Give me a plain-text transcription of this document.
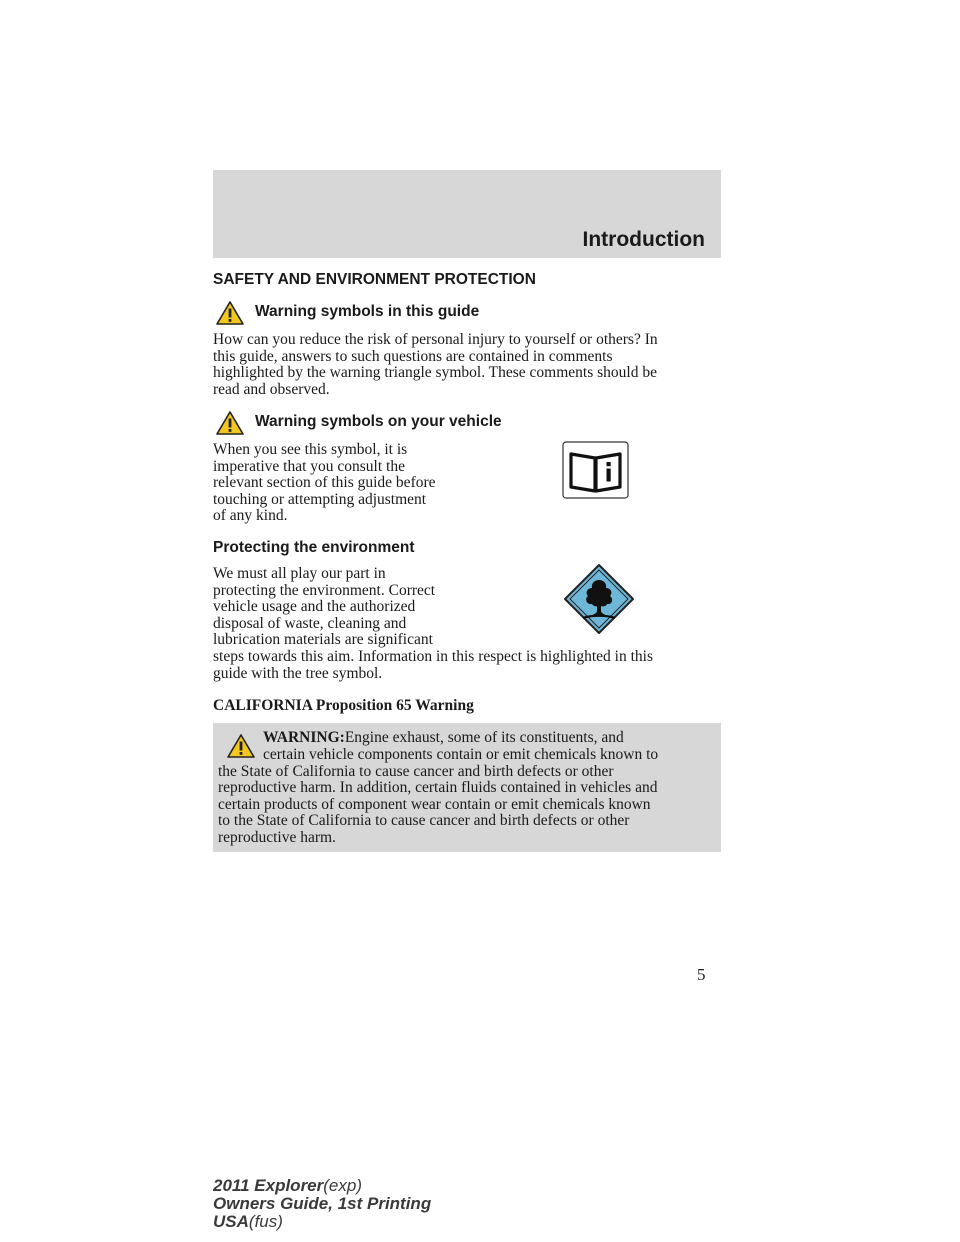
Introduction
SAFETY AND ENVIRONMENT PROTECTION
Warning symbols in this guide
How can you reduce the risk of personal injury to yourself or others? In
this guide, answers to such questions are contained in comments
highlighted by the warning triangle symbol. These comments should be
read and observed.
Warning symbols on your vehicle
When you see this symbol, it is
imperative that you consult the
relevant section of this guide before
touching or attempting adjustment
of any kind.
Protecting the environment
We must all play our part in
protecting the environment. Correct
vehicle usage and the authorized
disposal of waste, cleaning and
lubrication materials are significant
steps towards this aim. Information in this respect is highlighted in this
guide with the tree symbol.
CALIFORNIA Proposition 65 Warning
WARNING:Engine exhaust, some of its constituents, and
certain vehicle components contain or emit chemicals known to
the State of California to cause cancer and birth defects or other
reproductive harm. In addition, certain fluids contained in vehicles and
certain products of component wear contain or emit chemicals known
to the State of California to cause cancer and birth defects or other
reproductive harm.
5
2011 Explorer(exp)
Owners Guide, 1st Printing
USA(fus)
